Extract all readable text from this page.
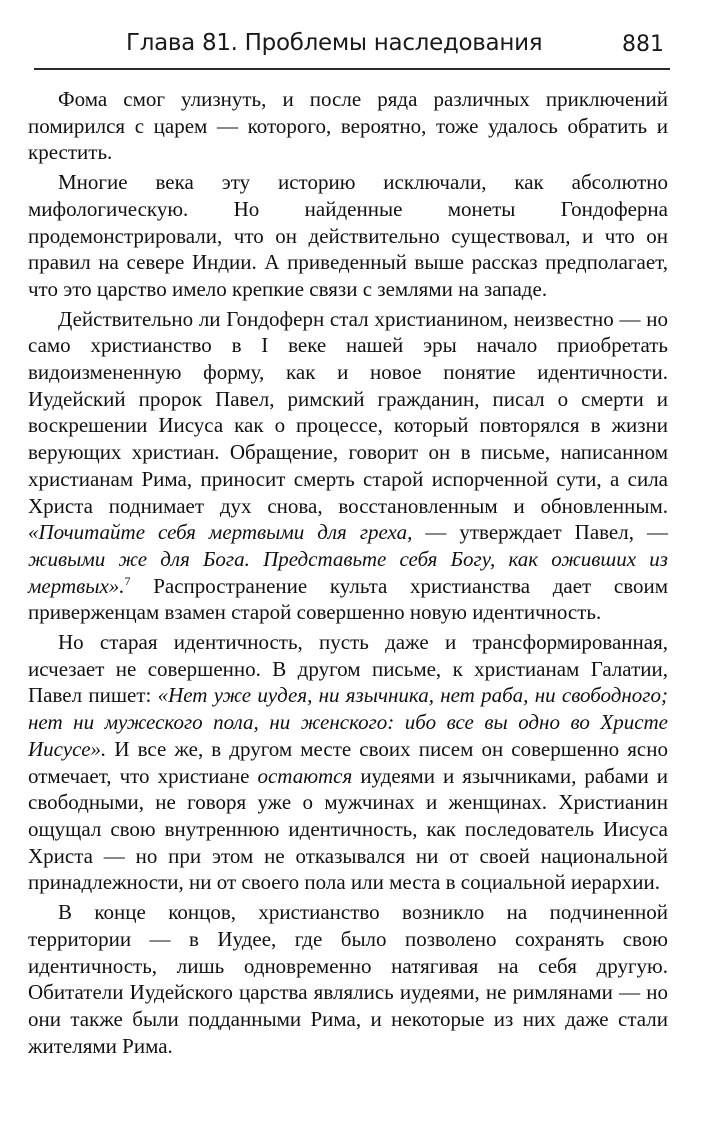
Глава 81. Проблемы наследования	881

Фома смог улизнуть, и после ряда различных приключений помирился с царем — которого, вероятно, тоже удалось обратить и крестить.

Многие века эту историю исключали, как абсолютно мифологическую. Но найденные монеты Гондоферна продемонстрировали, что он действительно существовал, и что он правил на севере Индии. А приведенный выше рассказ предполагает, что это царство имело крепкие связи с землями на западе.

Действительно ли Гондоферн стал христианином, неизвестно — но само христианство в I веке нашей эры начало приобретать видоизмененную форму, как и новое понятие идентичности. Иудейский пророк Павел, римский гражданин, писал о смерти и воскрешении Иисуса как о процессе, который повторялся в жизни верующих христиан. Обращение, говорит он в письме, написанном христианам Рима, приносит смерть старой испорченной сути, а сила Христа поднимает дух снова, восстановленным и обновленным. «Почитайте себя мертвыми для греха, — утверждает Павел, — живыми же для Бога. Представьте себя Богу, как оживших из мертвых».$^7$ Распространение культа христианства дает своим приверженцам взамен старой совершенно новую идентичность.

Но старая идентичность, пусть даже и трансформированная, исчезает не совершенно. В другом письме, к христианам Галатии, Павел пишет: «Нет уже иудея, ни язычника, нет раба, ни свободного; нет ни мужеского пола, ни женского: ибо все вы одно во Христе Иисусе». И все же, в другом месте своих писем он совершенно ясно отмечает, что христиане остаются иудеями и язычниками, рабами и свободными, не говоря уже о мужчинах и женщинах. Христианин ощущал свою внутреннюю идентичность, как последователь Иисуса Христа — но при этом не отказывался ни от своей национальной принадлежности, ни от своего пола или места в социальной иерархии.

В конце концов, христианство возникло на подчиненной территории — в Иудее, где было позволено сохранять свою идентичность, лишь одновременно натягивая на себя другую. Обитатели Иудейского царства являлись иудеями, не римлянами — но они также были подданными Рима, и некоторые из них даже стали жителями Рима.
